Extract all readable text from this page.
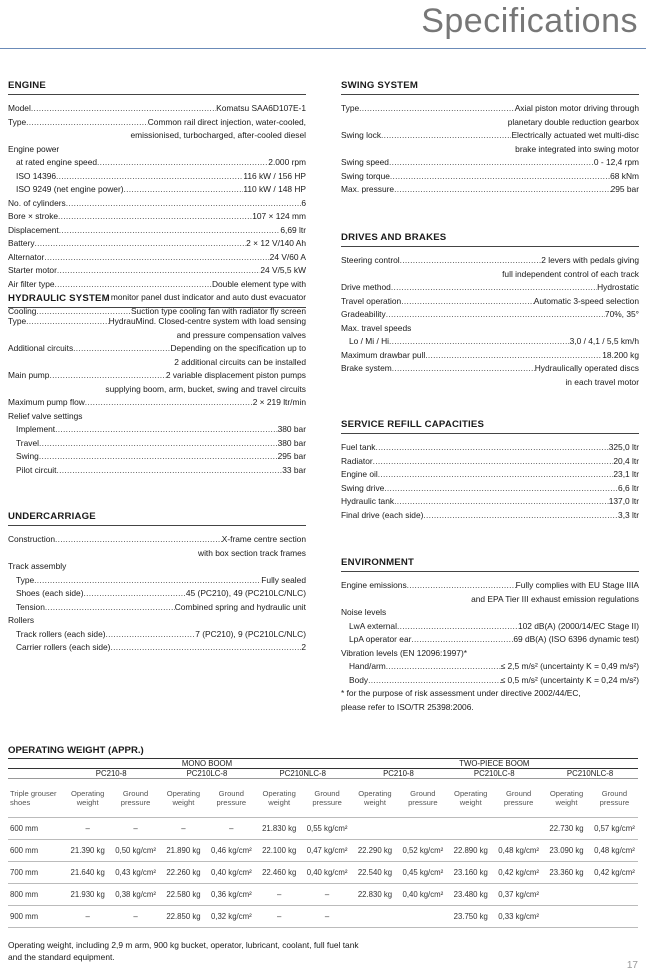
Specifications
ENGINE
Model .....	Komatsu SAA6D107E-1
Type .....	Common rail direct injection, water-cooled,
emissionised, turbocharged, after-cooled diesel
Engine power
at rated engine speed .....	2.000 rpm
ISO 14396 .....	116 kW / 156 HP
ISO 9249 (net engine power) .....	110 kW / 148 HP
No. of cylinders .....	6
Bore × stroke .....	107 × 124 mm
Displacement .....	6,69 ltr
Battery .....	2 × 12 V/140 Ah
Alternator .....	24 V/60 A
Starter motor .....	24 V/5,5 kW
Air filter type .....	Double element type with
monitor panel dust indicator and auto dust evacuator
Cooling .....	Suction type cooling fan with radiator fly screen
HYDRAULIC SYSTEM
Type .....	HydrauMind. Closed-centre system with load sensing
and pressure compensation valves
Additional circuits .....	Depending on the specification up to
2 additional circuits can be installed
Main pump .....	2 variable displacement piston pumps
supplying boom, arm, bucket, swing and travel circuits
Maximum pump flow .....	2 × 219 ltr/min
Relief valve settings
Implement .....	380 bar
Travel .....	380 bar
Swing .....	295 bar
Pilot circuit .....	33 bar
UNDERCARRIAGE
Construction .....	X-frame centre section
with box section track frames
Track assembly
Type .....	Fully sealed
Shoes (each side) .....	45 (PC210), 49 (PC210LC/NLC)
Tension .....	Combined spring and hydraulic unit
Rollers
Track rollers (each side) .....	7 (PC210), 9 (PC210LC/NLC)
Carrier rollers (each side) .....	2
SWING SYSTEM
Type .....	Axial piston motor driving through
planetary double reduction gearbox
Swing lock .....	Electrically actuated wet multi-disc
brake integrated into swing motor
Swing speed .....	0 - 12,4 rpm
Swing torque .....	68 kNm
Max. pressure .....	295 bar
DRIVES AND BRAKES
Steering control .....	2 levers with pedals giving
full independent control of each track
Drive method .....	Hydrostatic
Travel operation .....	Automatic 3-speed selection
Gradeability .....	70%, 35°
Max. travel speeds
Lo / Mi / Hi .....	3,0 / 4,1 / 5,5 km/h
Maximum drawbar pull .....	18.200 kg
Brake system .....	Hydraulically operated discs
in each travel motor
SERVICE REFILL CAPACITIES
Fuel tank .....	325,0 ltr
Radiator .....	20,4 ltr
Engine oil .....	23,1 ltr
Swing drive .....	6,6 ltr
Hydraulic tank .....	137,0 ltr
Final drive (each side) .....	3,3 ltr
ENVIRONMENT
Engine emissions .....	Fully complies with EU Stage IIIA
and EPA Tier III exhaust emission regulations
Noise levels
LwA external .....	102 dB(A) (2000/14/EC Stage II)
LpA operator ear .....	69 dB(A) (ISO 6396 dynamic test)
Vibration levels (EN 12096:1997)*
Hand/arm .....	≤ 2,5 m/s² (uncertainty K = 0,49 m/s²)
Body .....	≤ 0,5 m/s² (uncertainty K = 0,24 m/s²)
* for the purpose of risk assessment under directive 2002/44/EC,
please refer to ISO/TR 25398:2006.
OPERATING WEIGHT (APPR.)
	MONO BOOM						TWO-PIECE BOOM					
	PC210-8		PC210LC-8		PC210NLC-8		PC210-8		PC210LC-8		PC210NLC-8	
Triple grouser shoes	Operating weight	Ground pressure	Operating weight	Ground pressure	Operating weight	Ground pressure	Operating weight	Ground pressure	Operating weight	Ground pressure	Operating weight	Ground pressure
600 mm	–	–	–	–	21.830 kg	0,55 kg/cm²					22.730 kg	0,57 kg/cm²
600 mm	21.390 kg	0,50 kg/cm²	21.890 kg	0,46 kg/cm²	22.100 kg	0,47 kg/cm²	22.290 kg	0,52 kg/cm²	22.890 kg	0,48 kg/cm²	23.090 kg	0,48 kg/cm²
700 mm	21.640 kg	0,43 kg/cm²	22.260 kg	0,40 kg/cm²	22.460 kg	0,40 kg/cm²	22.540 kg	0,45 kg/cm²	23.160 kg	0,42 kg/cm²	23.360 kg	0,42 kg/cm²
800 mm	21.930 kg	0,38 kg/cm²	22.580 kg	0,36 kg/cm²	–	–	22.830 kg	0,40 kg/cm²	23.480 kg	0,37 kg/cm²		
900 mm	–	–	22.850 kg	0,32 kg/cm²	–	–			23.750 kg	0,33 kg/cm²		
Operating weight, including 2,9 m arm, 900 kg bucket, operator, lubricant, coolant, full fuel tank
and the standard equipment.
17
